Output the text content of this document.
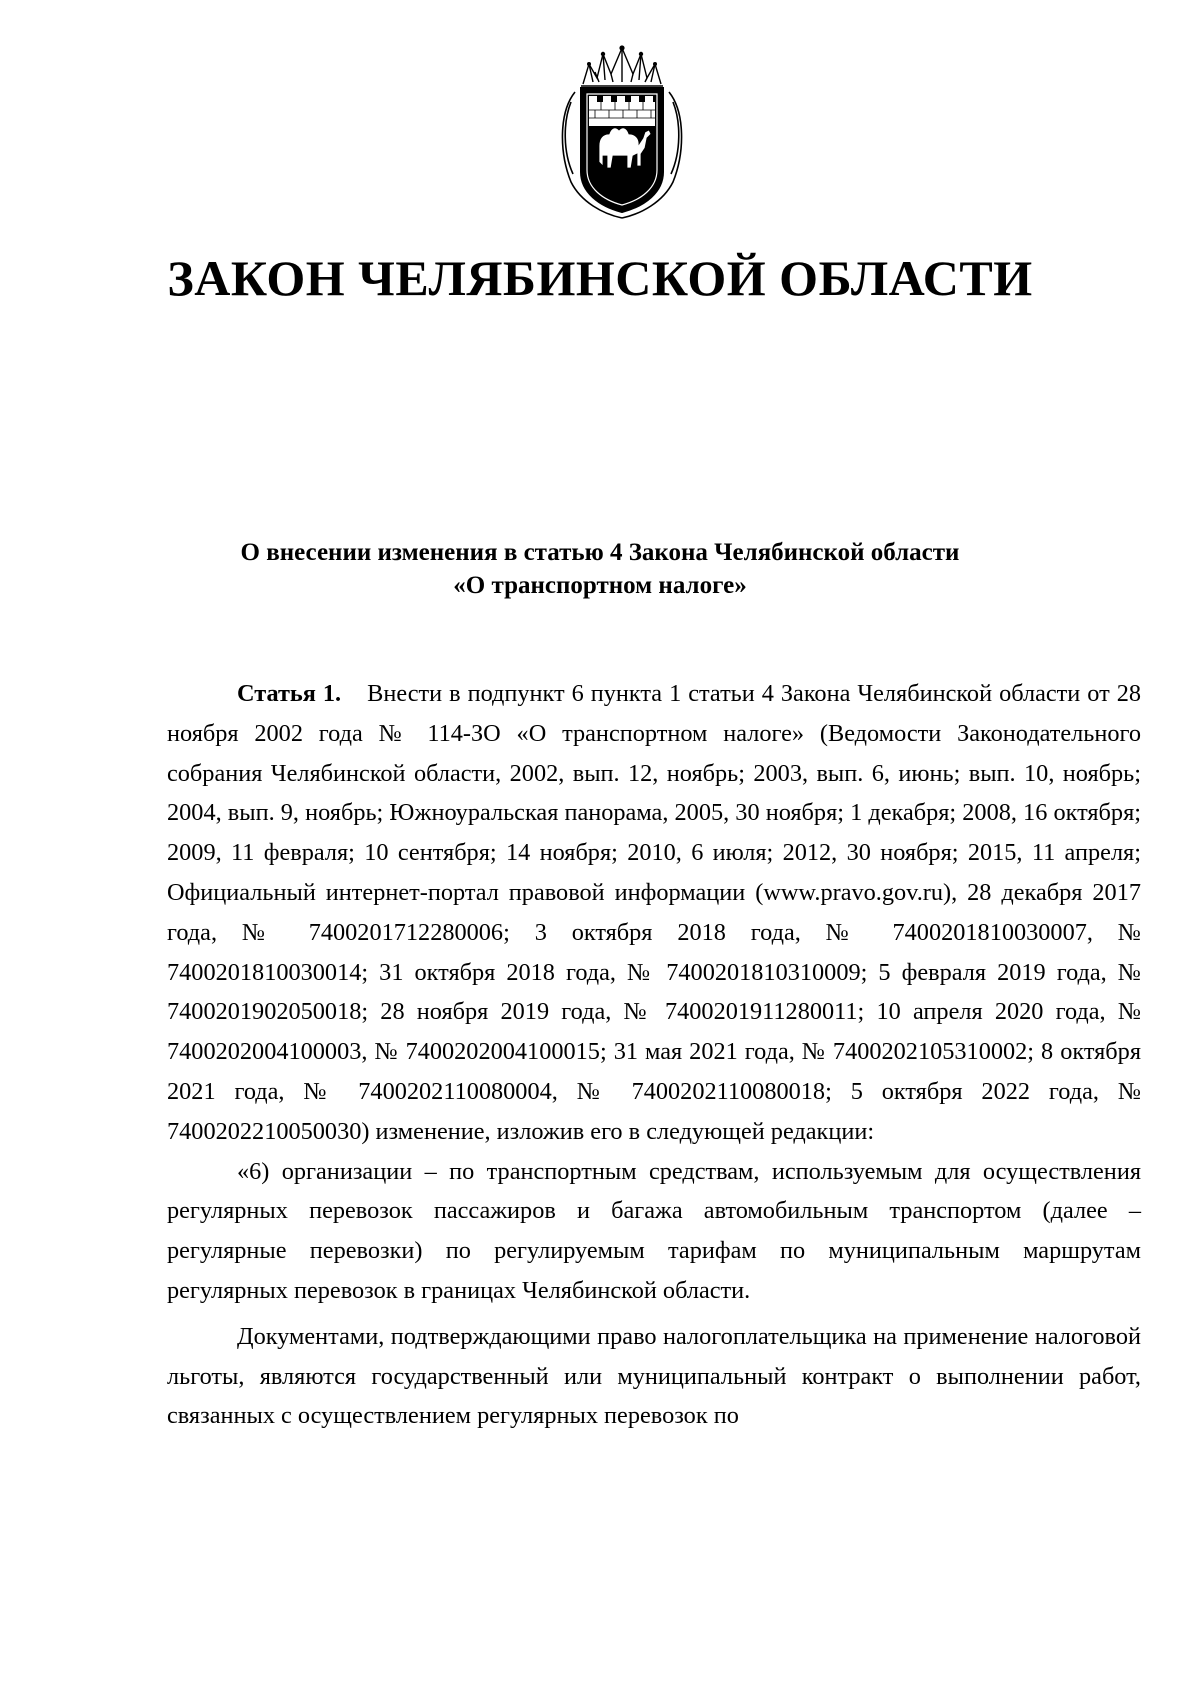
ЗАКОН ЧЕЛЯБИНСКОЙ ОБЛАСТИ
О внесении изменения в статью 4 Закона Челябинской области
«О транспортном налоге»

Статья 1. Внести в подпункт 6 пункта 1 статьи 4 Закона Челябинской области от 28 ноября 2002 года № 114-ЗО «О транспортном налоге» (Ведомости Законодательного собрания Челябинской области, 2002, вып. 12, ноябрь; 2003, вып. 6, июнь; вып. 10, ноябрь; 2004, вып. 9, ноябрь; Южноуральская панорама, 2005, 30 ноября; 1 декабря; 2008, 16 октября; 2009, 11 февраля; 10 сентября; 14 ноября; 2010, 6 июля; 2012, 30 ноября; 2015, 11 апреля; Официальный интернет-портал правовой информации (www.pravo.gov.ru), 28 декабря 2017 года, № 7400201712280006; 3 октября 2018 года, № 7400201810030007, № 7400201810030014; 31 октября 2018 года, № 7400201810310009; 5 февраля 2019 года, № 7400201902050018; 28 ноября 2019 года, № 7400201911280011; 10 апреля 2020 года, № 7400202004100003, № 7400202004100015; 31 мая 2021 года, № 7400202105310002; 8 октября 2021 года, № 7400202110080004, № 7400202110080018; 5 октября 2022 года, № 7400202210050030) изменение, изложив его в следующей редакции:

«6) организации – по транспортным средствам, используемым для осуществления регулярных перевозок пассажиров и багажа автомобильным транспортом (далее – регулярные перевозки) по регулируемым тарифам по муниципальным маршрутам регулярных перевозок в границах Челябинской области.

Документами, подтверждающими право налогоплательщика на применение налоговой льготы, являются государственный или муниципальный контракт о выполнении работ, связанных с осуществлением регулярных перевозок по
